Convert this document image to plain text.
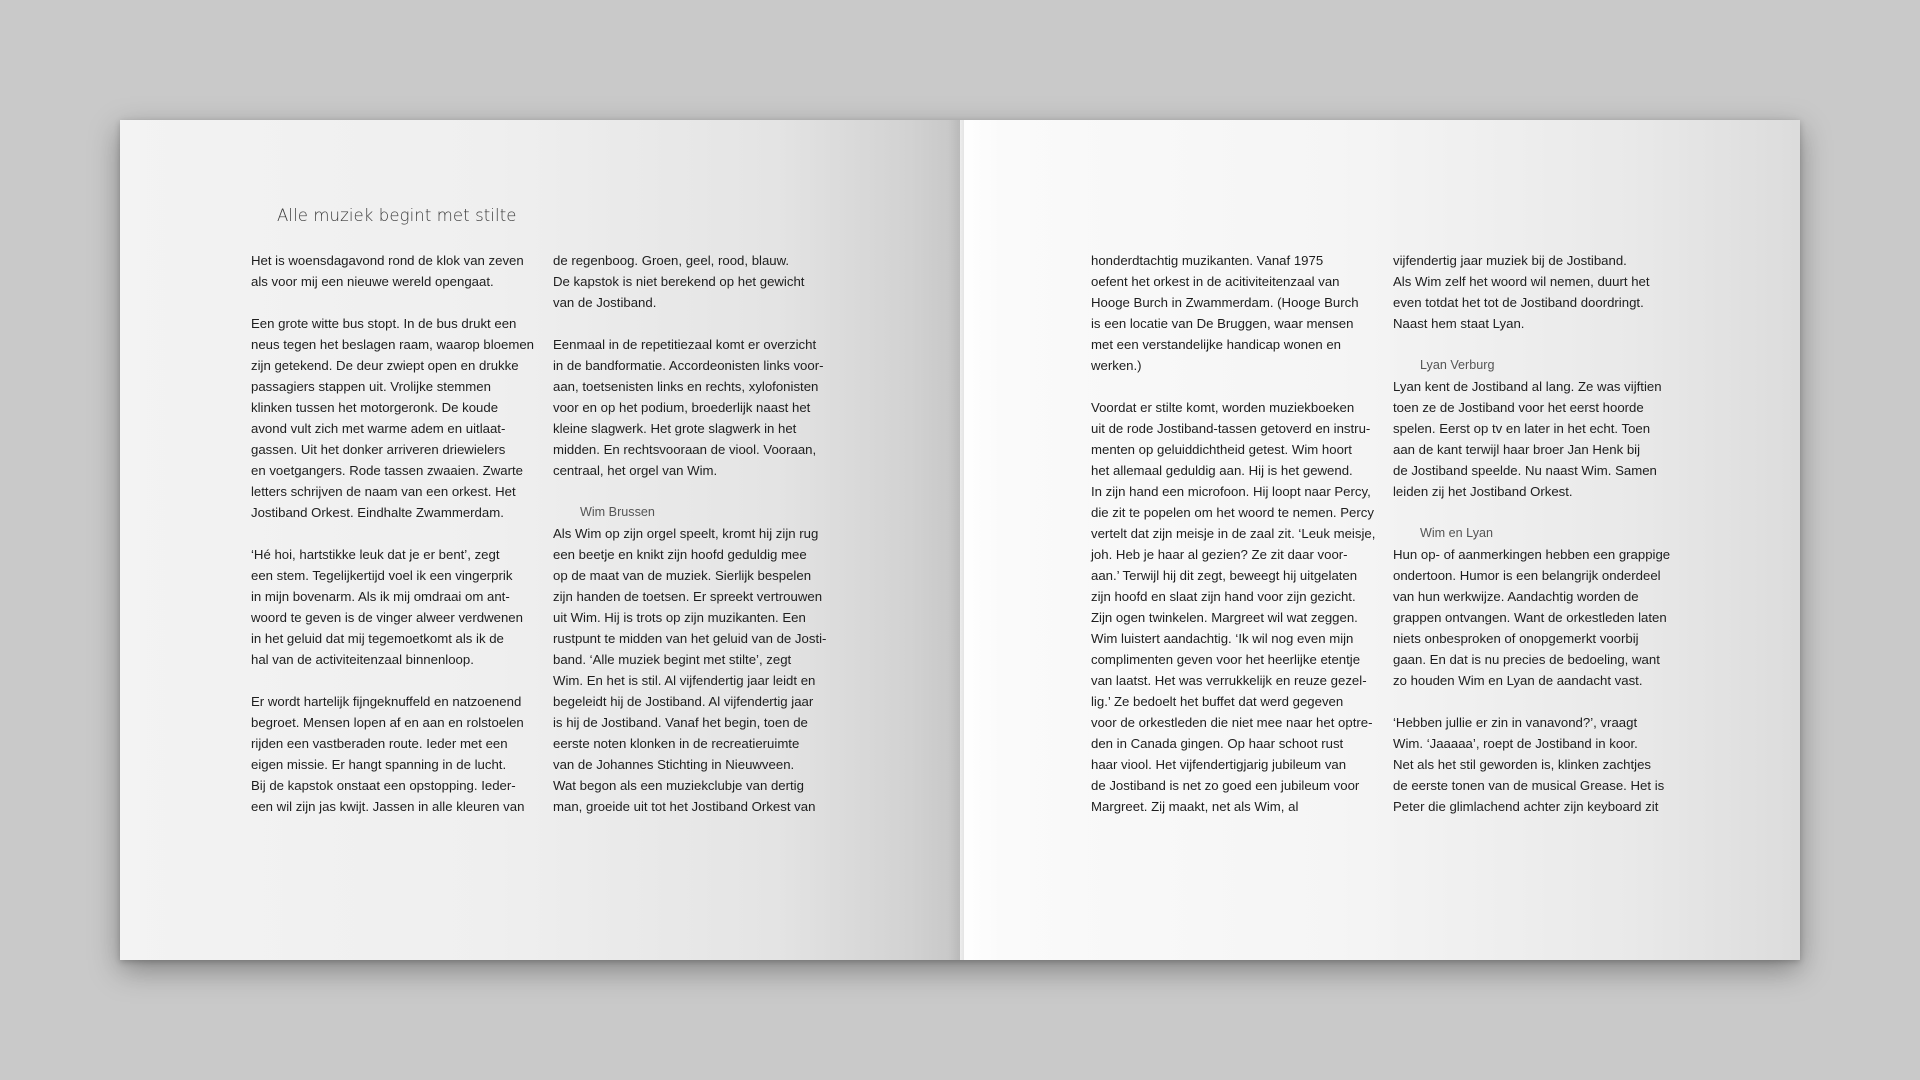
Alle muziek begint met stilte
Het is woensdagavond rond de klok van zeven
als voor mij een nieuwe wereld opengaat.
Een grote witte bus stopt. In de bus drukt een
neus tegen het beslagen raam, waarop bloemen
zijn getekend. De deur zwiept open en drukke
passagiers stappen uit. Vrolijke stemmen
klinken tussen het motorgeronk. De koude
avond vult zich met warme adem en uitlaat-
gassen. Uit het donker arriveren driewielers
en voetgangers. Rode tassen zwaaien. Zwarte
letters schrijven de naam van een orkest. Het
Jostiband Orkest. Eindhalte Zwammerdam.
‘Hé hoi, hartstikke leuk dat je er bent’, zegt
een stem. Tegelijkertijd voel ik een vingerprik
in mijn bovenarm. Als ik mij omdraai om ant-
woord te geven is de vinger alweer verdwenen
in het geluid dat mij tegemoetkomt als ik de
hal van de activiteitenzaal binnenloop.
Er wordt hartelijk fijngeknuffeld en natzoenend
begroet. Mensen lopen af en aan en rolstoelen
rijden een vastberaden route. Ieder met een
eigen missie. Er hangt spanning in de lucht.
Bij de kapstok onstaat een opstopping. Ieder-
een wil zijn jas kwijt. Jassen in alle kleuren van
de regenboog. Groen, geel, rood, blauw.
De kapstok is niet berekend op het gewicht
van de Jostiband.
Eenmaal in de repetitiezaal komt er overzicht
in de bandformatie. Accordeonisten links voor-
aan, toetsenisten links en rechts, xylofonisten
voor en op het podium, broederlijk naast het
kleine slagwerk. Het grote slagwerk in het
midden. En rechtsvooraan de viool. Vooraan,
centraal, het orgel van Wim.
Wim Brussen
Als Wim op zijn orgel speelt, kromt hij zijn rug
een beetje en knikt zijn hoofd geduldig mee
op de maat van de muziek. Sierlijk bespelen
zijn handen de toetsen. Er spreekt vertrouwen
uit Wim. Hij is trots op zijn muzikanten. Een
rustpunt te midden van het geluid van de Josti-
band. ‘Alle muziek begint met stilte’, zegt
Wim. En het is stil. Al vijfendertig jaar leidt en
begeleidt hij de Jostiband. Al vijfendertig jaar
is hij de Jostiband. Vanaf het begin, toen de
eerste noten klonken in de recreatieruimte
van de Johannes Stichting in Nieuwveen.
Wat begon als een muziekclubje van dertig
man, groeide uit tot het Jostiband Orkest van
honderdtachtig muzikanten. Vanaf 1975
oefent het orkest in de acitiviteitenzaal van
Hooge Burch in Zwammerdam. (Hooge Burch
is een locatie van De Bruggen, waar mensen
met een verstandelijke handicap wonen en
werken.)
Voordat er stilte komt, worden muziekboeken
uit de rode Jostiband-tassen getoverd en instru-
menten op geluiddichtheid getest. Wim hoort
het allemaal geduldig aan. Hij is het gewend.
In zijn hand een microfoon. Hij loopt naar Percy,
die zit te popelen om het woord te nemen. Percy
vertelt dat zijn meisje in de zaal zit. ‘Leuk meisje,
joh. Heb je haar al gezien? Ze zit daar voor-
aan.’ Terwijl hij dit zegt, beweegt hij uitgelaten
zijn hoofd en slaat zijn hand voor zijn gezicht.
Zijn ogen twinkelen. Margreet wil wat zeggen.
Wim luistert aandachtig. ‘Ik wil nog even mijn
complimenten geven voor het heerlijke etentje
van laatst. Het was verrukkelijk en reuze gezel-
lig.’ Ze bedoelt het buffet dat werd gegeven
voor de orkestleden die niet mee naar het optre-
den in Canada gingen. Op haar schoot rust
haar viool. Het vijfendertigjarig jubileum van
de Jostiband is net zo goed een jubileum voor
Margreet. Zij maakt, net als Wim, al
vijfendertig jaar muziek bij de Jostiband.
Als Wim zelf het woord wil nemen, duurt het
even totdat het tot de Jostiband doordringt.
Naast hem staat Lyan.
Lyan Verburg
Lyan kent de Jostiband al lang. Ze was vijftien
toen ze de Jostiband voor het eerst hoorde
spelen. Eerst op tv en later in het echt. Toen
aan de kant terwijl haar broer Jan Henk bij
de Jostiband speelde. Nu naast Wim. Samen
leiden zij het Jostiband Orkest.
Wim en Lyan
Hun op- of aanmerkingen hebben een grappige
ondertoon. Humor is een belangrijk onderdeel
van hun werkwijze. Aandachtig worden de
grappen ontvangen. Want de orkestleden laten
niets onbesproken of onopgemerkt voorbij
gaan. En dat is nu precies de bedoeling, want
zo houden Wim en Lyan de aandacht vast.
‘Hebben jullie er zin in vanavond?’, vraagt
Wim. ‘Jaaaaa’, roept de Jostiband in koor.
Net als het stil geworden is, klinken zachtjes
de eerste tonen van de musical Grease. Het is
Peter die glimlachend achter zijn keyboard zit
